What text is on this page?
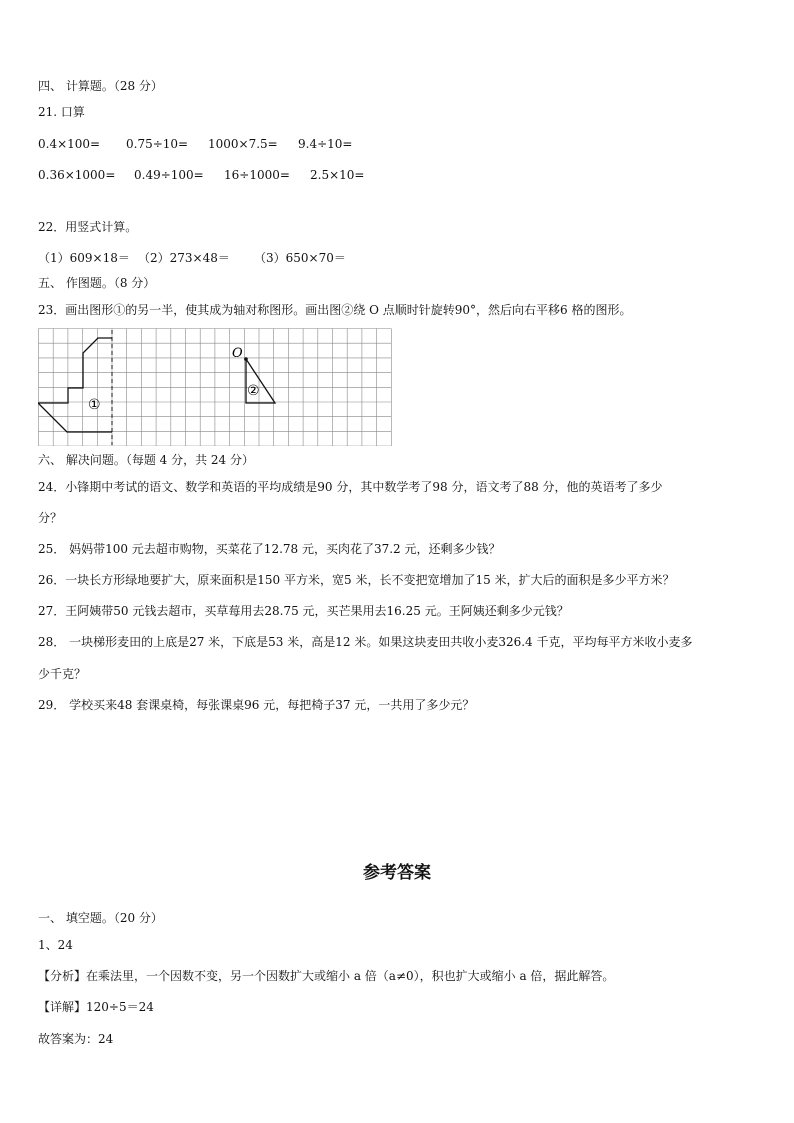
四、 计算题。（28 分）
21. 口算
0.4×100= 0.75÷10= 1000×7.5= 9.4÷10=
0.36×1000= 0.49÷100= 16÷1000= 2.5×10=
22．用竖式计算。
（1）609×18＝ （2）273×48＝ （3）650×70＝
五、 作图题。（8 分）
23．画出图形①的另一半，使其成为轴对称图形。画出图②绕 O 点顺时针旋转90°，然后向右平移6 格的图形。
O
①
②
六、 解决问题。（每题 4 分，共 24 分）
24．小锋期中考试的语文、数学和英语的平均成绩是90 分，其中数学考了98 分，语文考了88 分，他的英语考了多少
分？
25． 妈妈带100 元去超市购物，买菜花了12.78 元，买肉花了37.2 元，还剩多少钱？
26．一块长方形绿地要扩大，原来面积是150 平方米，宽5 米，长不变把宽增加了15 米，扩大后的面积是多少平方米？
27．王阿姨带50 元钱去超市，买草莓用去28.75 元，买芒果用去16.25 元。王阿姨还剩多少元钱？
28． 一块梯形麦田的上底是27 米，下底是53 米，高是12 米。如果这块麦田共收小麦326.4 千克，平均每平方米收小麦多
少千克？
29． 学校买来48 套课桌椅，每张课桌96 元，每把椅子37 元，一共用了多少元？
参考答案
一、 填空题。（20 分）
1、24
【分析】在乘法里，一个因数不变，另一个因数扩大或缩小 a 倍（a≠0），积也扩大或缩小 a 倍，据此解答。
【详解】120÷5＝24
故答案为：24
